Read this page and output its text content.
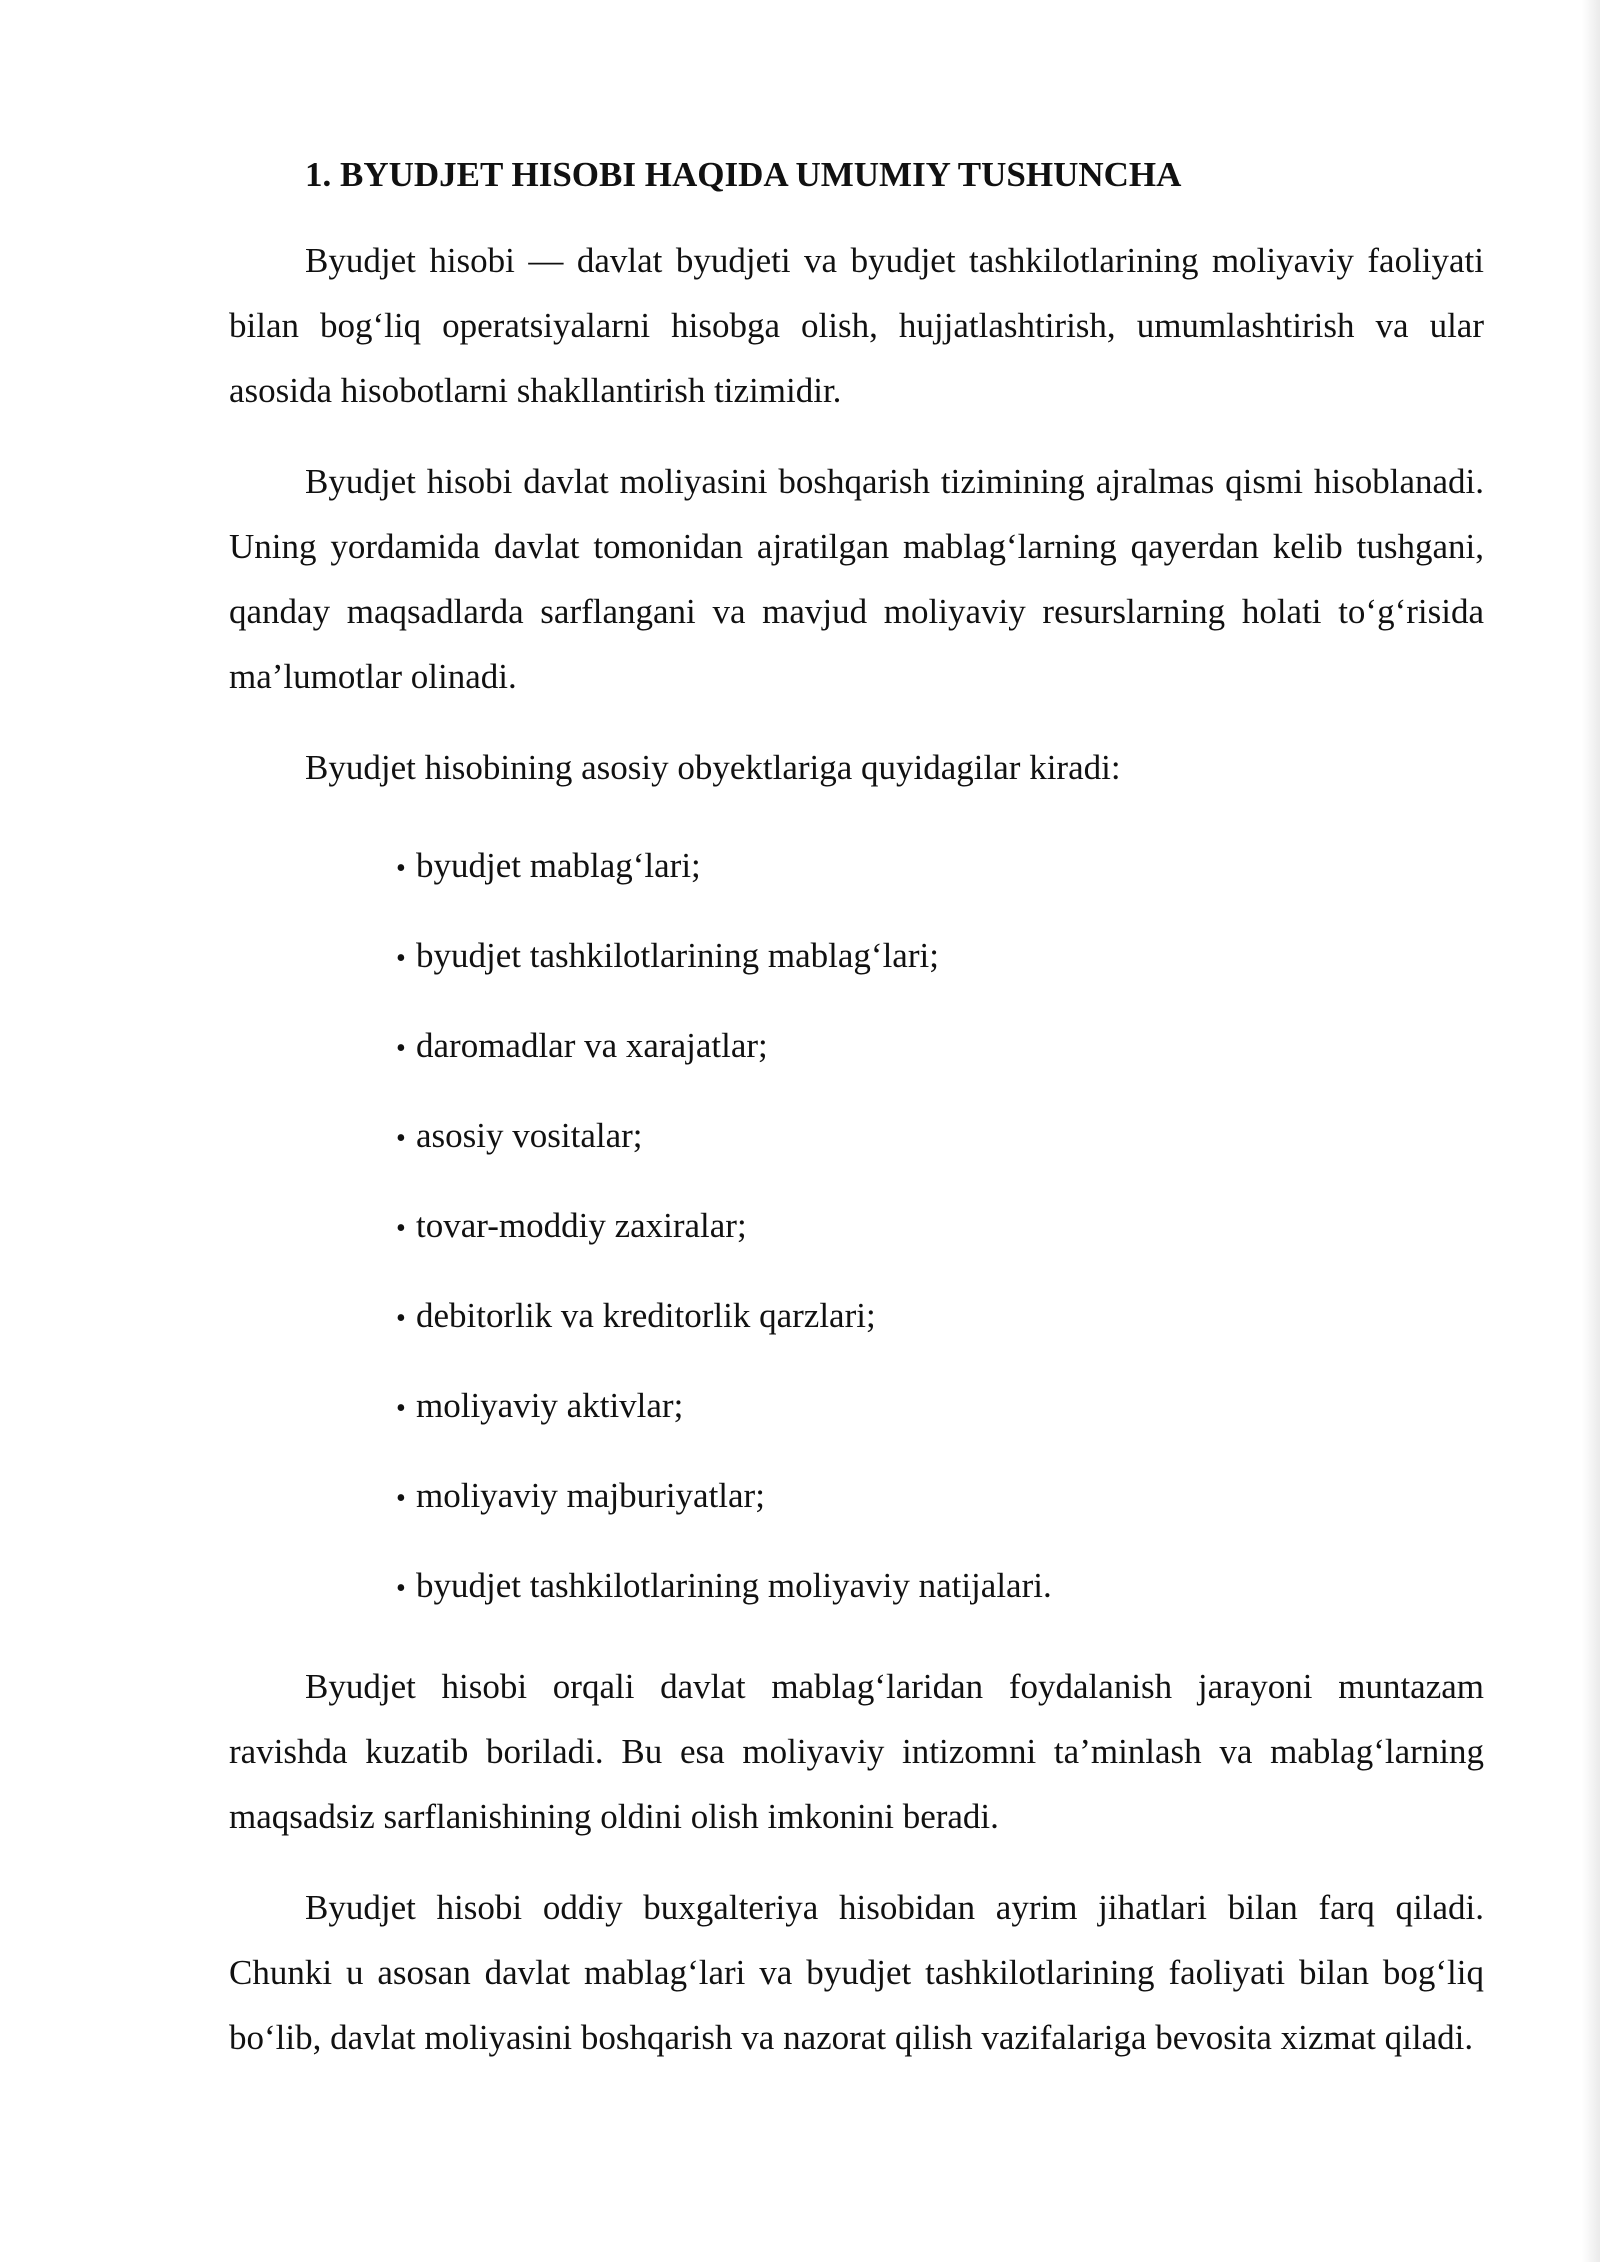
1. BYUDJET HISOBI HAQIDA UMUMIY TUSHUNCHA

Byudjet hisobi — davlat byudjeti va byudjet tashkilotlarining moliyaviy faoliyati bilan bog‘liq operatsiyalarni hisobga olish, hujjatlashtirish, umumlashtirish va ular asosida hisobotlarni shakllantirish tizimidir.

Byudjet hisobi davlat moliyasini boshqarish tizimining ajralmas qismi hisoblanadi. Uning yordamida davlat tomonidan ajratilgan mablag‘larning qayerdan kelib tushgani, qanday maqsadlarda sarflangani va mavjud moliyaviy resurslarning holati to‘g‘risida ma’lumotlar olinadi.

Byudjet hisobining asosiy obyektlariga quyidagilar kiradi:

• byudjet mablag‘lari;
• byudjet tashkilotlarining mablag‘lari;
• daromadlar va xarajatlar;
• asosiy vositalar;
• tovar-moddiy zaxiralar;
• debitorlik va kreditorlik qarzlari;
• moliyaviy aktivlar;
• moliyaviy majburiyatlar;
• byudjet tashkilotlarining moliyaviy natijalari.

Byudjet hisobi orqali davlat mablag‘laridan foydalanish jarayoni muntazam ravishda kuzatib boriladi. Bu esa moliyaviy intizomni ta’minlash va mablag‘larning maqsadsiz sarflanishining oldini olish imkonini beradi.

Byudjet hisobi oddiy buxgalteriya hisobidan ayrim jihatlari bilan farq qiladi. Chunki u asosan davlat mablag‘lari va byudjet tashkilotlarining faoliyati bilan bog‘liq bo‘lib, davlat moliyasini boshqarish va nazorat qilish vazifalariga bevosita xizmat qiladi.
